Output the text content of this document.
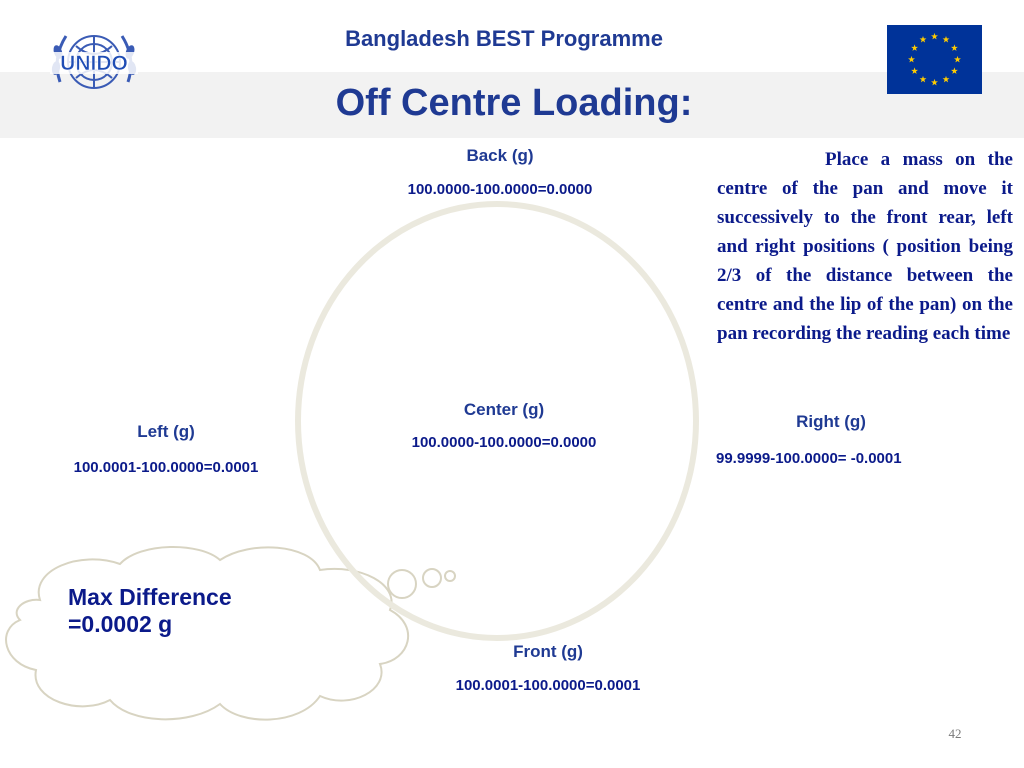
UNIDO
Bangladesh BEST Programme
Off Centre Loading:
Back (g)
100.0000-100.0000=0.0000
Center (g)
100.0000-100.0000=0.0000
Left (g)
100.0001-100.0000=0.0001
Right (g)
99.9999-100.0000= -0.0001
Front (g)
100.0001-100.0000=0.0001
Max Difference
=0.0002 g
Place a mass on the centre of the pan and move it successively to the front rear, left and right positions ( position being 2/3 of the distance between the centre and the lip of the pan) on the pan recording the reading each time
42
